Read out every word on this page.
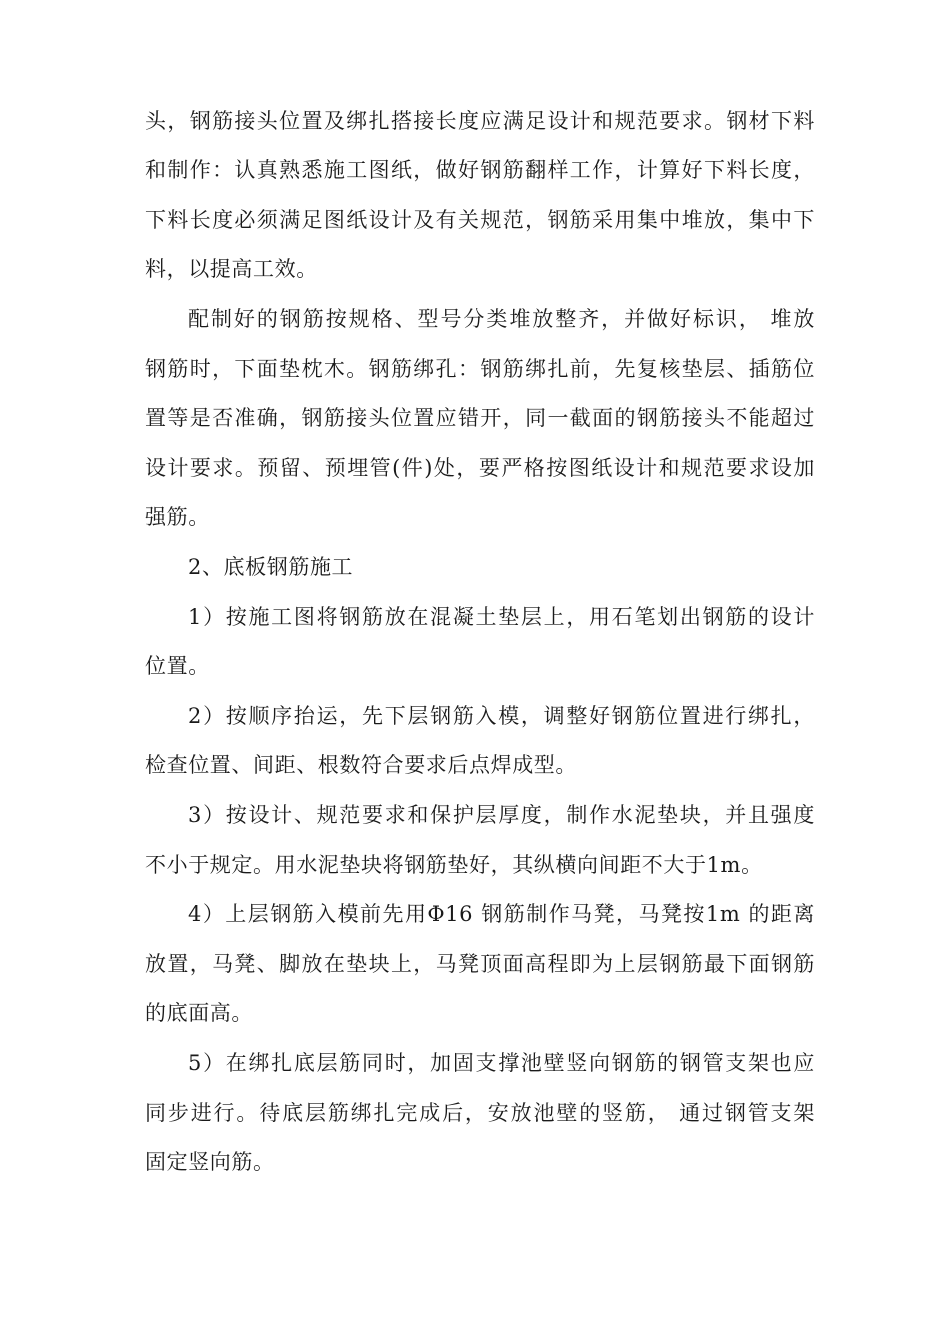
头，钢筋接头位置及绑扎搭接长度应满足设计和规范要求。钢材下料
和制作：认真熟悉施工图纸，做好钢筋翻样工作，计算好下料长度，
下料长度必须满足图纸设计及有关规范，钢筋采用集中堆放，集中下
料，以提高工效。
配制好的钢筋按规格、型号分类堆放整齐，并做好标识， 堆放
钢筋时，下面垫枕木。钢筋绑孔：钢筋绑扎前，先复核垫层、插筋位
置等是否准确，钢筋接头位置应错开，同一截面的钢筋接头不能超过
设计要求。预留、预埋管(件)处，要严格按图纸设计和规范要求设加
强筋。
2、底板钢筋施工
1）按施工图将钢筋放在混凝土垫层上，用石笔划出钢筋的设计
位置。
2）按顺序抬运，先下层钢筋入模，调整好钢筋位置进行绑扎，
检查位置、间距、根数符合要求后点焊成型。
3）按设计、规范要求和保护层厚度，制作水泥垫块，并且强度
不小于规定。用水泥垫块将钢筋垫好，其纵横向间距不大于1m。
4）上层钢筋入模前先用Φ16 钢筋制作马凳，马凳按1m 的距离
放置，马凳、脚放在垫块上，马凳顶面高程即为上层钢筋最下面钢筋
的底面高。
5）在绑扎底层筋同时，加固支撑池壁竖向钢筋的钢管支架也应
同步进行。待底层筋绑扎完成后，安放池壁的竖筋， 通过钢管支架
固定竖向筋。
